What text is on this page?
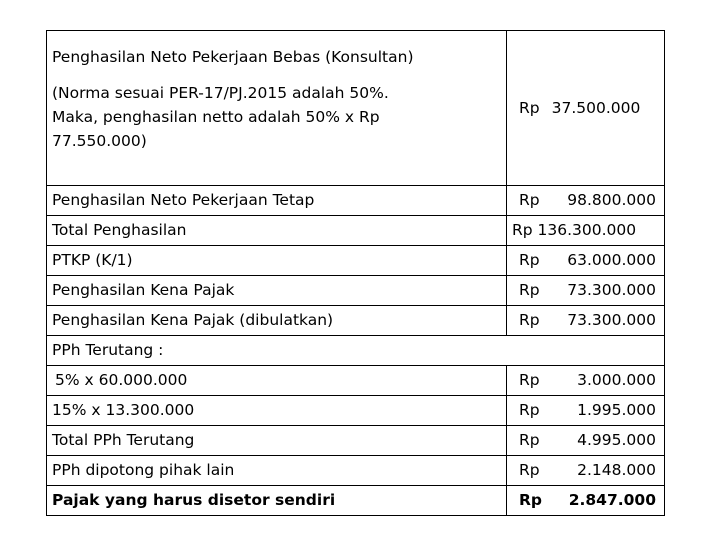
Penghasilan Neto Pekerjaan Bebas (Konsultan)
(Norma sesuai PER-17/PJ.2015 adalah 50%.
Maka, penghasilan netto adalah 50% x Rp
77.550.000)	Rp 37.500.000

Penghasilan Neto Pekerjaan Tetap	Rp 98.800.000

Total Penghasilan	Rp 136.300.000
PTKP (K/1)	Rp 63.000.000

Penghasilan Kena Pajak	Rp 73.300.000

Penghasilan Kena Pajak (dibulatkan)	Rp 73.300.000

PPh Terutang :	
5% x 60.000.000	Rp 3.000.000

15% x 13.300.000	Rp 1.995.000

Total PPh Terutang	Rp 4.995.000

PPh dipotong pihak lain	Rp 2.148.000

Pajak yang harus disetor sendiri	Rp 2.847.000
